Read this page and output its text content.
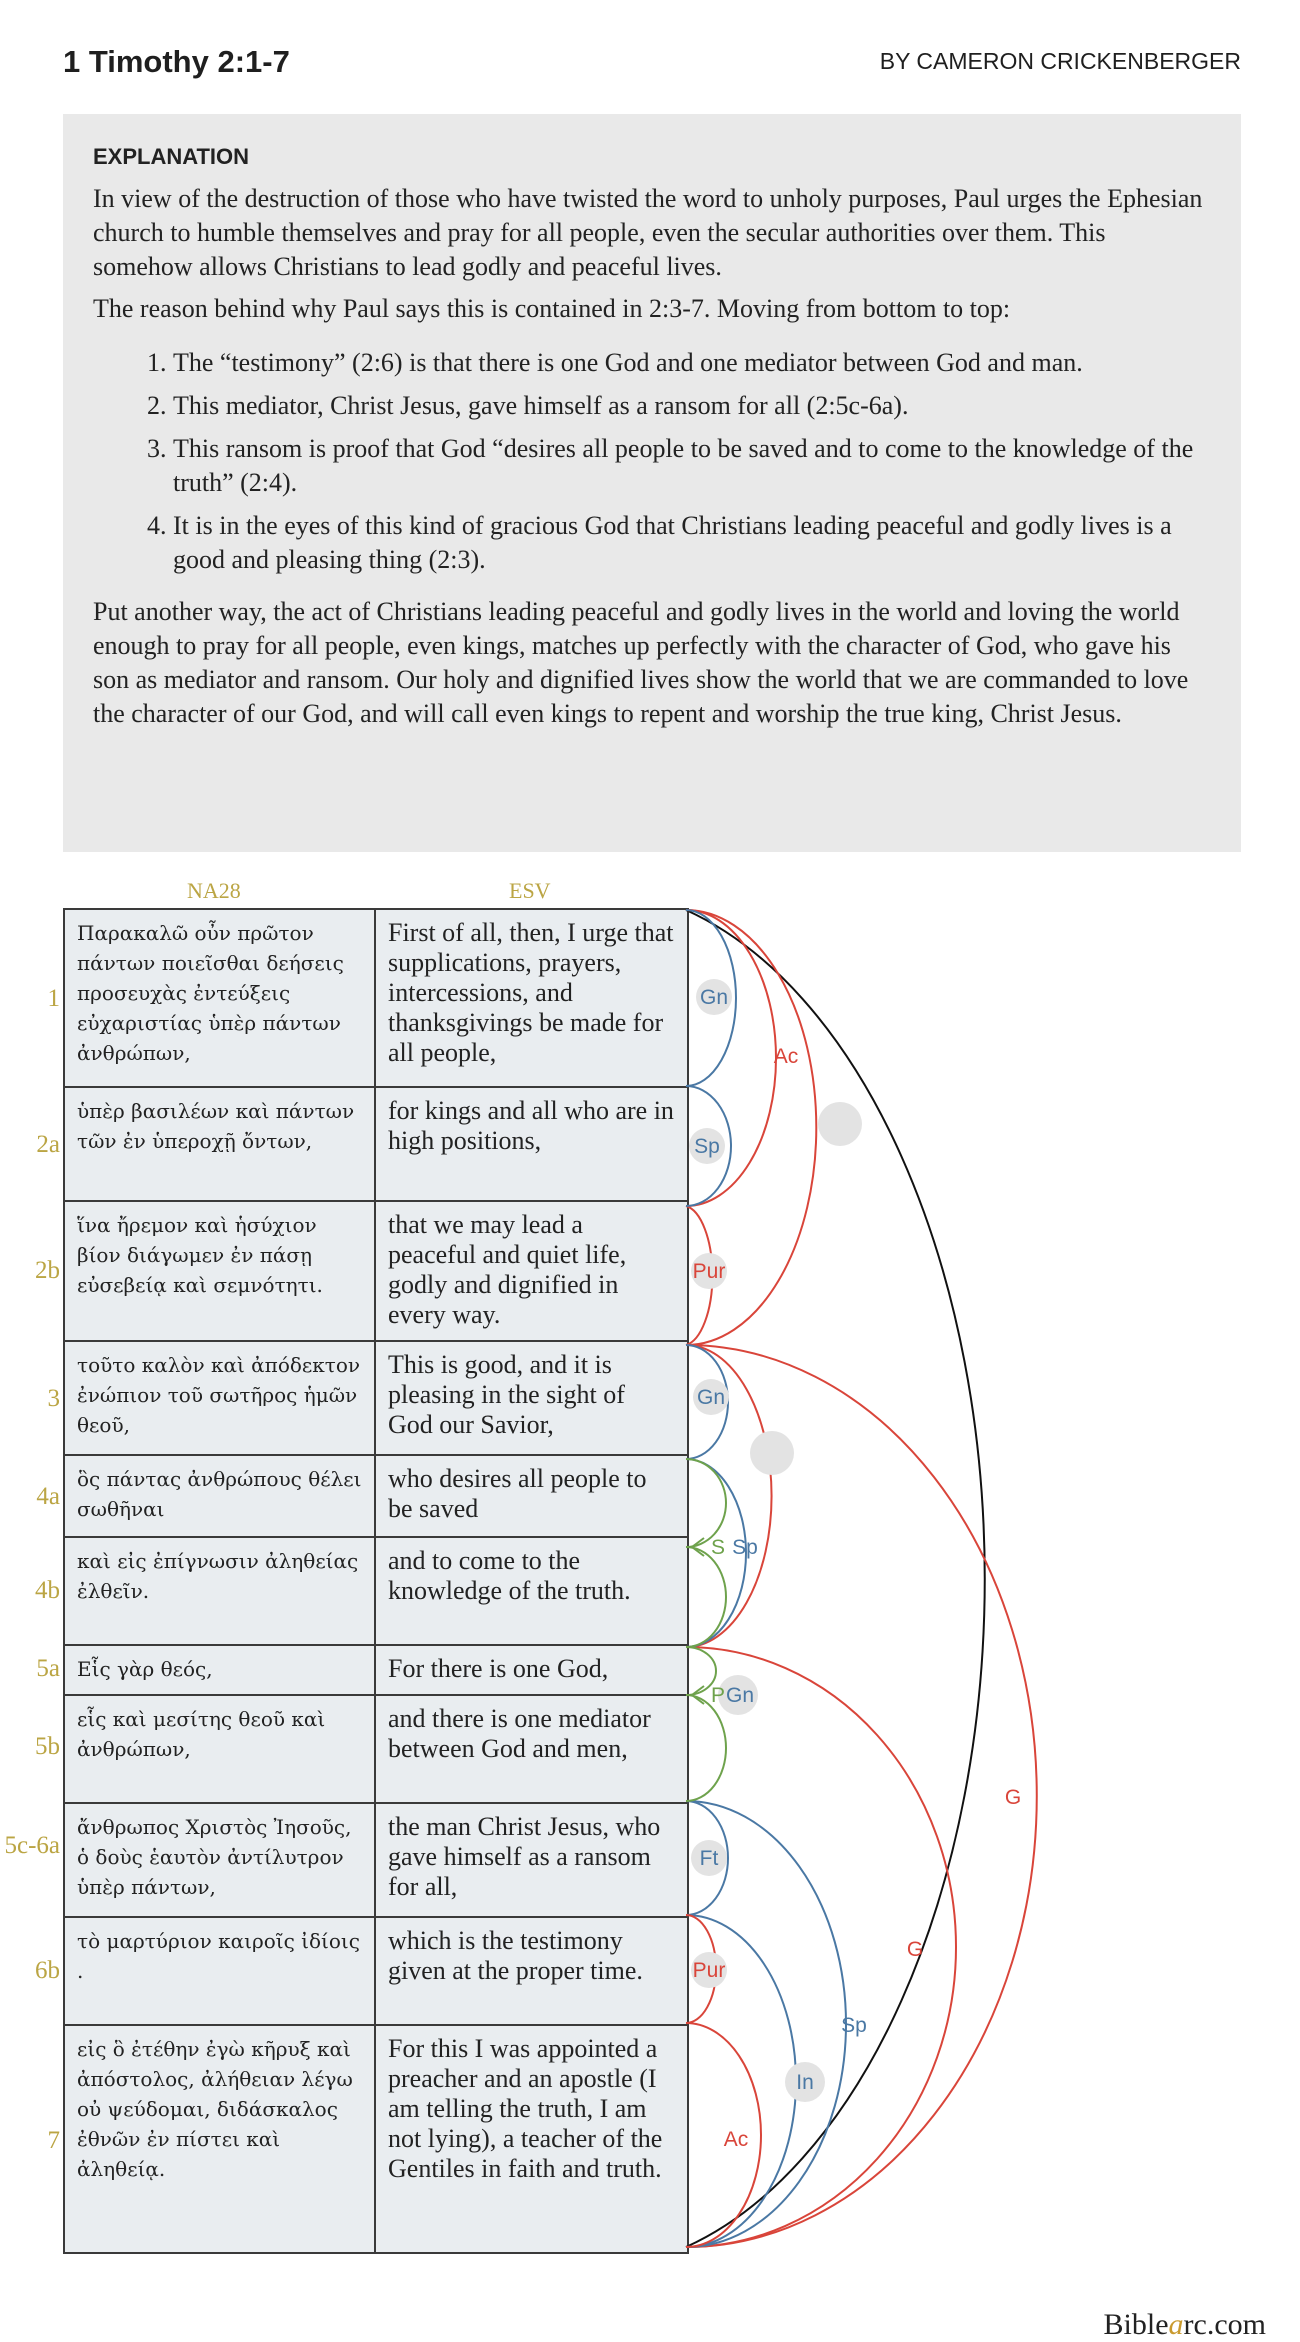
1 Timothy 2:1-7	BY CAMERON CRICKENBERGER
EXPLANATION

In view of the destruction of those who have twisted the word to unholy purposes, Paul urges the Ephesian church to humble themselves and pray for all people, even the secular authorities over them. This somehow allows Christians to lead godly and peaceful lives.

The reason behind why Paul says this is contained in 2:3-7. Moving from bottom to top:

1. The “testimony” (2:6) is that there is one God and one mediator between God and man.
2. This mediator, Christ Jesus, gave himself as a ransom for all (2:5c-6a).
3. This ransom is proof that God “desires all people to be saved and to come to the knowledge of the truth” (2:4).
4. It is in the eyes of this kind of gracious God that Christians leading peaceful and godly lives is a good and pleasing thing (2:3).

Put another way, the act of Christians leading peaceful and godly lives in the world and loving the world enough to pray for all people, even kings, matches up perfectly with the character of God, who gave his son as mediator and ransom. Our holy and dignified lives show the world that we are commanded to love the character of our God, and will call even kings to repent and worship the true king, Christ Jesus.

NA28	ESV
Παρακαλῶ οὖν πρῶτον πάντων ποιεῖσθαι δεήσεις προσευχὰς ἐντεύξεις εὐχαριστίας ὑπὲρ πάντων ἀνθρώπων,	First of all, then, I urge that supplications, prayers, intercessions, and thanksgivings be made for all people,
ὑπὲρ βασιλέων καὶ πάντων τῶν ἐν ὑπεροχῇ ὄντων,	for kings and all who are in high positions,
ἵνα ἤρεμον καὶ ἡσύχιον βίον διάγωμεν ἐν πάσῃ εὐσεβείᾳ καὶ σεμνότητι.	that we may lead a peaceful and quiet life, godly and dignified in every way.
τοῦτο καλὸν καὶ ἀπόδεκτον ἐνώπιον τοῦ σωτῆρος ἡμῶν θεοῦ,	This is good, and it is pleasing in the sight of God our Savior,
ὃς πάντας ἀνθρώπους θέλει σωθῆναι	who desires all people to be saved
καὶ εἰς ἐπίγνωσιν ἀληθείας ἐλθεῖν.	and to come to the knowledge of the truth.
Εἷς γὰρ θεός,	For there is one God,
εἷς καὶ μεσίτης θεοῦ καὶ ἀνθρώπων,	and there is one mediator between God and men,
ἄνθρωπος Χριστὸς Ἰησοῦς, ὁ δοὺς ἑαυτὸν ἀντίλυτρον ὑπὲρ πάντων,	the man Christ Jesus, who gave himself as a ransom for all,
τὸ μαρτύριον καιροῖς ἰδίοις .	which is the testimony given at the proper time.
εἰς ὃ ἐτέθην ἐγὼ κῆρυξ καὶ ἀπόστολος, ἀλήθειαν λέγω οὐ ψεύδομαι, διδάσκαλος ἐθνῶν ἐν πίστει καὶ ἀληθείᾳ.	For this I was appointed a preacher and an apostle (I am telling the truth, I am not lying), a teacher of the Gentiles in faith and truth.
1
2a
2b
3
4a
4b
5a
5b
5c-6a
6b
7
Gn
Ac
Sp
Pur
Gn
S Sp
P Gn
Ft
Pur
In
Ac
Sp
G
G
Biblearc.com
